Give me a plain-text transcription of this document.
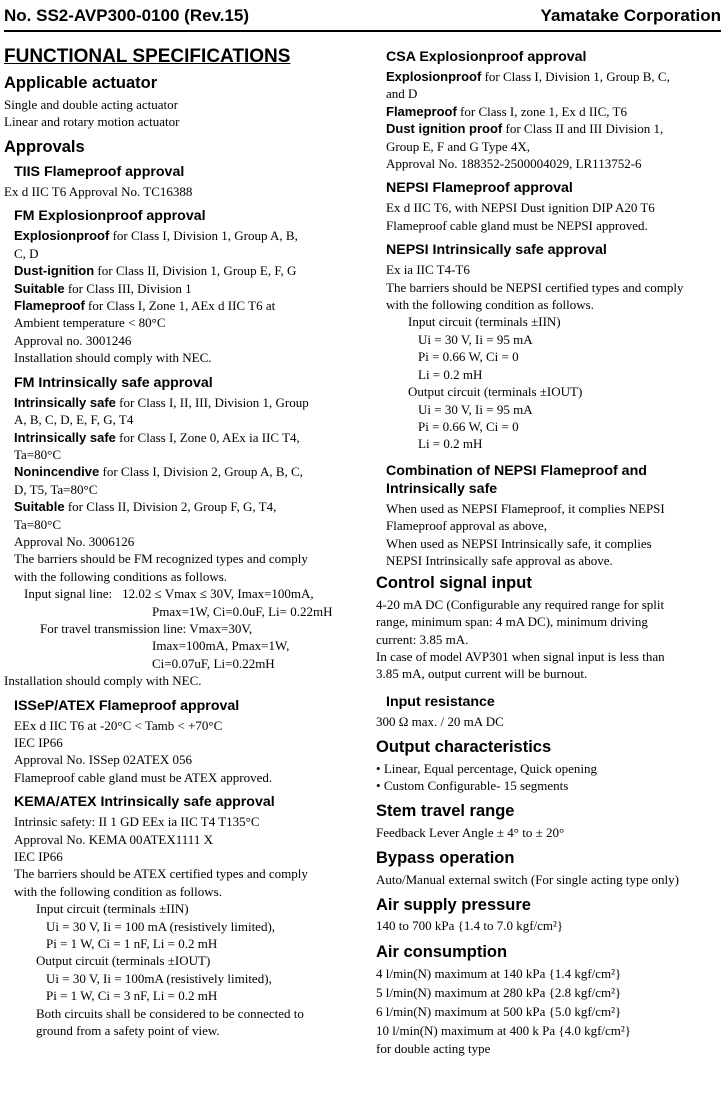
No. SS2-AVP300-0100 (Rev.15)	Yamatake Corporation
FUNCTIONAL SPECIFICATIONS
Applicable actuator
Single and double acting actuator
Linear and rotary motion actuator
Approvals
TIIS Flameproof approval
Ex d IIC T6 Approval No. TC16388
FM Explosionproof approval
Explosionproof for Class I, Division 1, Group A, B,
C, D
Dust-ignition for Class II, Division 1, Group E, F, G
Suitable for Class III, Division 1
Flameproof for Class I, Zone 1, AEx d IIC T6 at
Ambient temperature < 80°C
Approval no. 3001246
Installation should comply with NEC.
FM Intrinsically safe approval
Intrinsically safe for Class I, II, III, Division 1, Group
A, B, C, D, E, F, G, T4
Intrinsically safe for Class I, Zone 0, AEx ia IIC T4,
Ta=80°C
Nonincendive for Class I, Division 2, Group A, B, C,
D, T5, Ta=80°C
Suitable for Class II, Division 2, Group F, G, T4,
Ta=80°C
Approval No. 3006126
The barriers should be FM recognized types and comply
with the following conditions as follows.
Input signal line: 12.02 ≤ Vmax ≤ 30V, Imax=100mA,
Pmax=1W, Ci=0.0uF, Li= 0.22mH
For travel transmission line: Vmax=30V,
Imax=100mA, Pmax=1W,
Ci=0.07uF, Li=0.22mH
Installation should comply with NEC.
ISSeP/ATEX Flameproof approval
EEx d IIC T6 at -20°C < Tamb < +70°C
IEC IP66
Approval No. ISSep 02ATEX 056
Flameproof cable gland must be ATEX approved.
KEMA/ATEX Intrinsically safe approval
Intrinsic safety: II 1 GD EEx ia IIC T4 T135°C
Approval No. KEMA 00ATEX1111 X
IEC IP66
The barriers should be ATEX certified types and comply
with the following condition as follows.
Input circuit (terminals ±IIN)
Ui = 30 V, Ii = 100 mA (resistively limited),
Pi = 1 W, Ci = 1 nF, Li = 0.2 mH
Output circuit (terminals ±IOUT)
Ui = 30 V, Ii = 100mA (resistively limited),
Pi = 1 W, Ci = 3 nF, Li = 0.2 mH
Both circuits shall be considered to be connected to
ground from a safety point of view.
CSA Explosionproof approval
Explosionproof for Class I, Division 1, Group B, C,
and D
Flameproof for Class I, zone 1, Ex d IIC, T6
Dust ignition proof for Class II and III Division 1,
Group E, F and G Type 4X,
Approval No. 188352-2500004029, LR113752-6
NEPSI Flameproof approval
Ex d IIC T6, with NEPSI Dust ignition DIP A20 T6
Flameproof cable gland must be NEPSI approved.
NEPSI Intrinsically safe approval
Ex ia IIC T4-T6
The barriers should be NEPSI certified types and comply
with the following condition as follows.
Input circuit (terminals ±IIN)
Ui = 30 V, Ii = 95 mA
Pi = 0.66 W, Ci = 0
Li = 0.2 mH
Output circuit (terminals ±IOUT)
Ui = 30 V, Ii = 95 mA
Pi = 0.66 W, Ci = 0
Li = 0.2 mH
Combination of NEPSI Flameproof and
Intrinsically safe
When used as NEPSI Flameproof, it complies NEPSI
Flameproof approval as above,
When used as NEPSI Intrinsically safe, it complies
NEPSI Intrinsically safe approval as above.
Control signal input
4-20 mA DC (Configurable any required range for split
range, minimum span: 4 mA DC), minimum driving
current: 3.85 mA.
In case of model AVP301 when signal input is less than
3.85 mA, output current will be burnout.
Input resistance
300 Ω max. / 20 mA DC
Output characteristics
• Linear, Equal percentage, Quick opening
• Custom Configurable- 15 segments
Stem travel range
Feedback Lever Angle ± 4° to ± 20°
Bypass operation
Auto/Manual external switch (For single acting type only)
Air supply pressure
140 to 700 kPa {1.4 to 7.0 kgf/cm²}
Air consumption
4 l/min(N) maximum at 140 kPa {1.4 kgf/cm²}
5 l/min(N) maximum at 280 kPa {2.8 kgf/cm²}
6 l/min(N) maximum at 500 kPa {5.0 kgf/cm²}
10 l/min(N) maximum at 400 k Pa {4.0 kgf/cm²}
for double acting type
